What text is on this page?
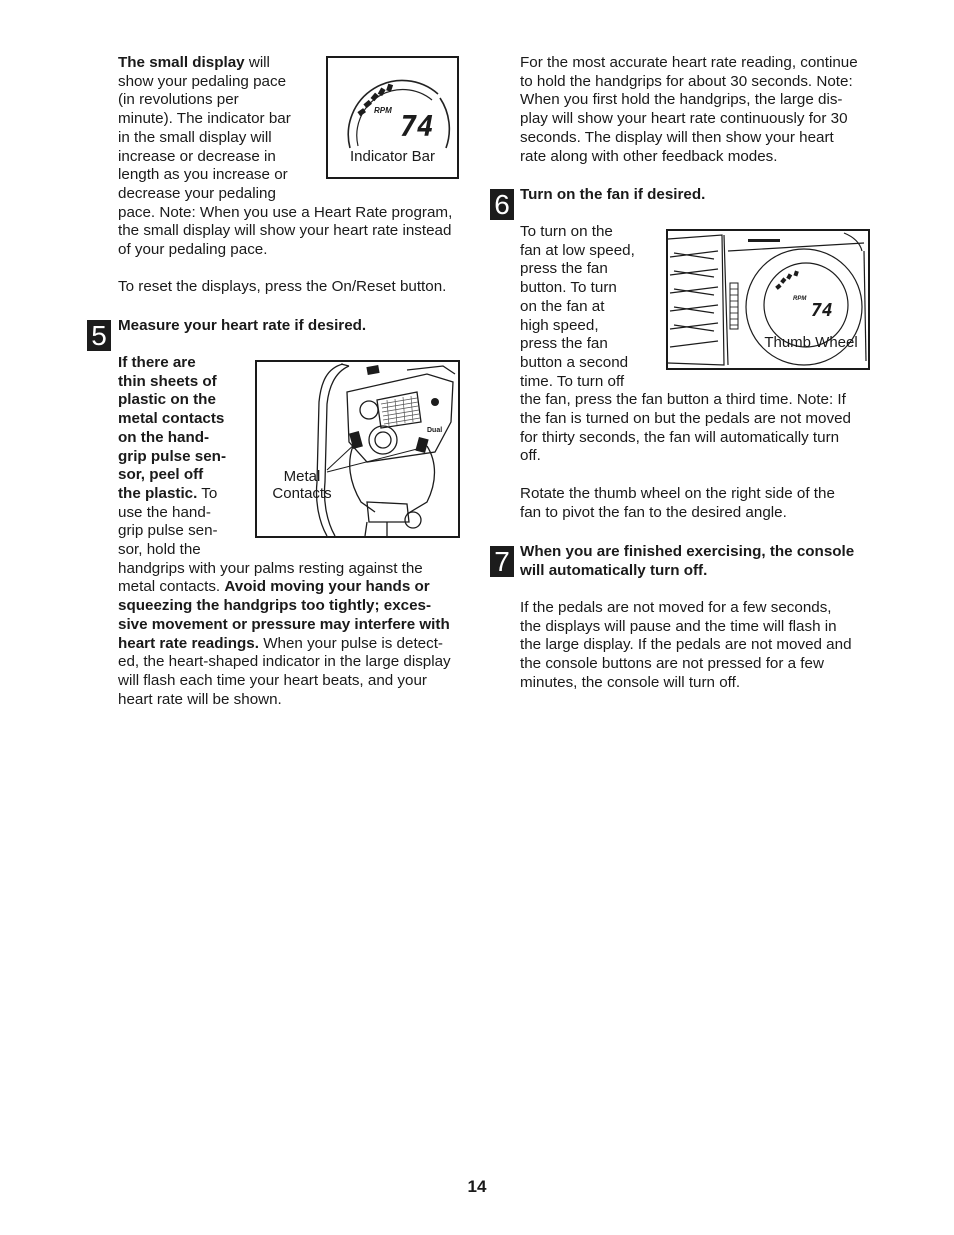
The small display will
show your pedaling pace
(in revolutions per
minute). The indicator bar
in the small display will
increase or decrease in
length as you increase or
decrease your pedaling
pace. Note: When you use a Heart Rate program,
the small display will show your heart rate instead
of your pedaling pace.
RPM 74
Indicator Bar
To reset the displays, press the On/Reset button.
5 Measure your heart rate if desired.
If there are
thin sheets of
plastic on the
metal contacts
on the hand-
grip pulse sen-
sor, peel off
the plastic. To
use the hand-
grip pulse sen-
sor, hold the
handgrips with your palms resting against the
metal contacts. Avoid moving your hands or
squeezing the handgrips too tightly; exces-
sive movement or pressure may interfere with
heart rate readings. When your pulse is detect-
ed, the heart-shaped indicator in the large display
will flash each time your heart beats, and your
heart rate will be shown.
Dual
Metal
Contacts
For the most accurate heart rate reading, continue
to hold the handgrips for about 30 seconds. Note:
When you first hold the handgrips, the large dis-
play will show your heart rate continuously for 30
seconds. The display will then show your heart
rate along with other feedback modes.
6 Turn on the fan if desired.
To turn on the
fan at low speed,
press the fan
button. To turn
on the fan at
high speed,
press the fan
button a second
time. To turn off
the fan, press the fan button a third time. Note: If
the fan is turned on but the pedals are not moved
for thirty seconds, the fan will automatically turn
off.
Rotate the thumb wheel on the right side of the
fan to pivot the fan to the desired angle.
RPM
74
Thumb Wheel
7 When you are finished exercising, the console
will automatically turn off.
If the pedals are not moved for a few seconds,
the displays will pause and the time will flash in
the large display. If the pedals are not moved and
the console buttons are not pressed for a few
minutes, the console will turn off.
14
